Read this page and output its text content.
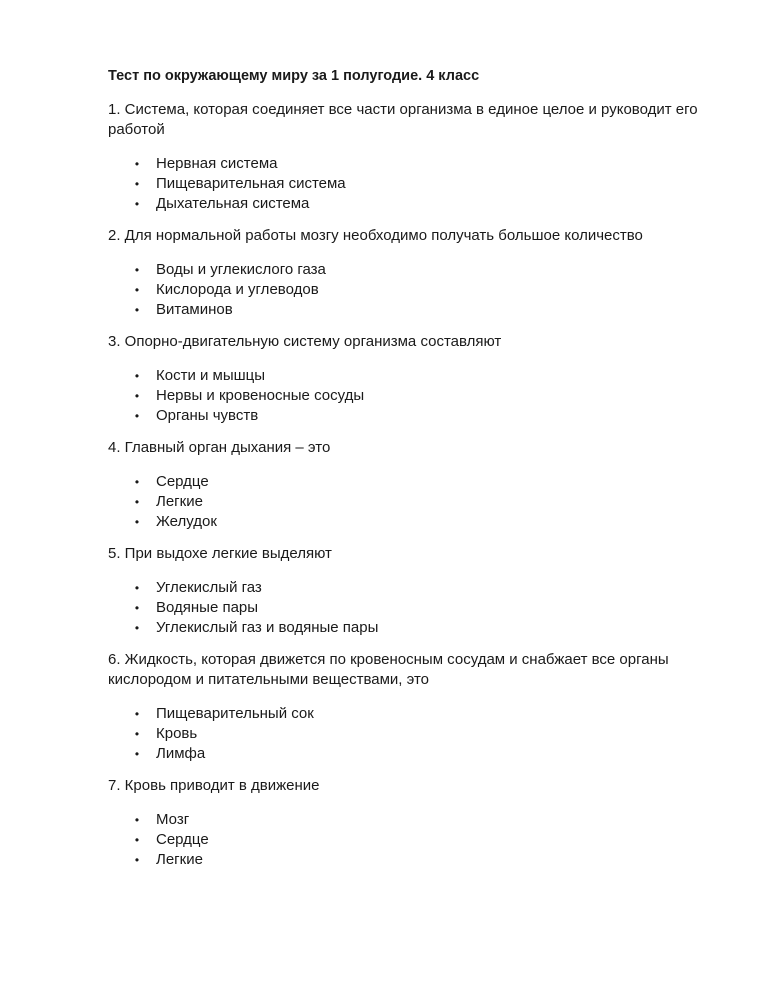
Тест по окружающему миру за 1 полугодие. 4 класс
1. Система, которая соединяет все части организма в единое целое и руководит его работой
• Нервная система
• Пищеварительная система
• Дыхательная система
2. Для нормальной работы мозгу необходимо получать большое количество
• Воды и углекислого газа
• Кислорода и углеводов
• Витаминов
3. Опорно-двигательную систему организма составляют
• Кости и мышцы
• Нервы и кровеносные сосуды
• Органы чувств
4. Главный орган дыхания – это
• Сердце
• Легкие
• Желудок
5. При выдохе легкие выделяют
• Углекислый газ
• Водяные пары
• Углекислый газ и водяные пары
6. Жидкость, которая движется по кровеносным сосудам и снабжает все органы кислородом и питательными веществами, это
• Пищеварительный сок
• Кровь
• Лимфа
7. Кровь приводит в движение
• Мозг
• Сердце
• Легкие
